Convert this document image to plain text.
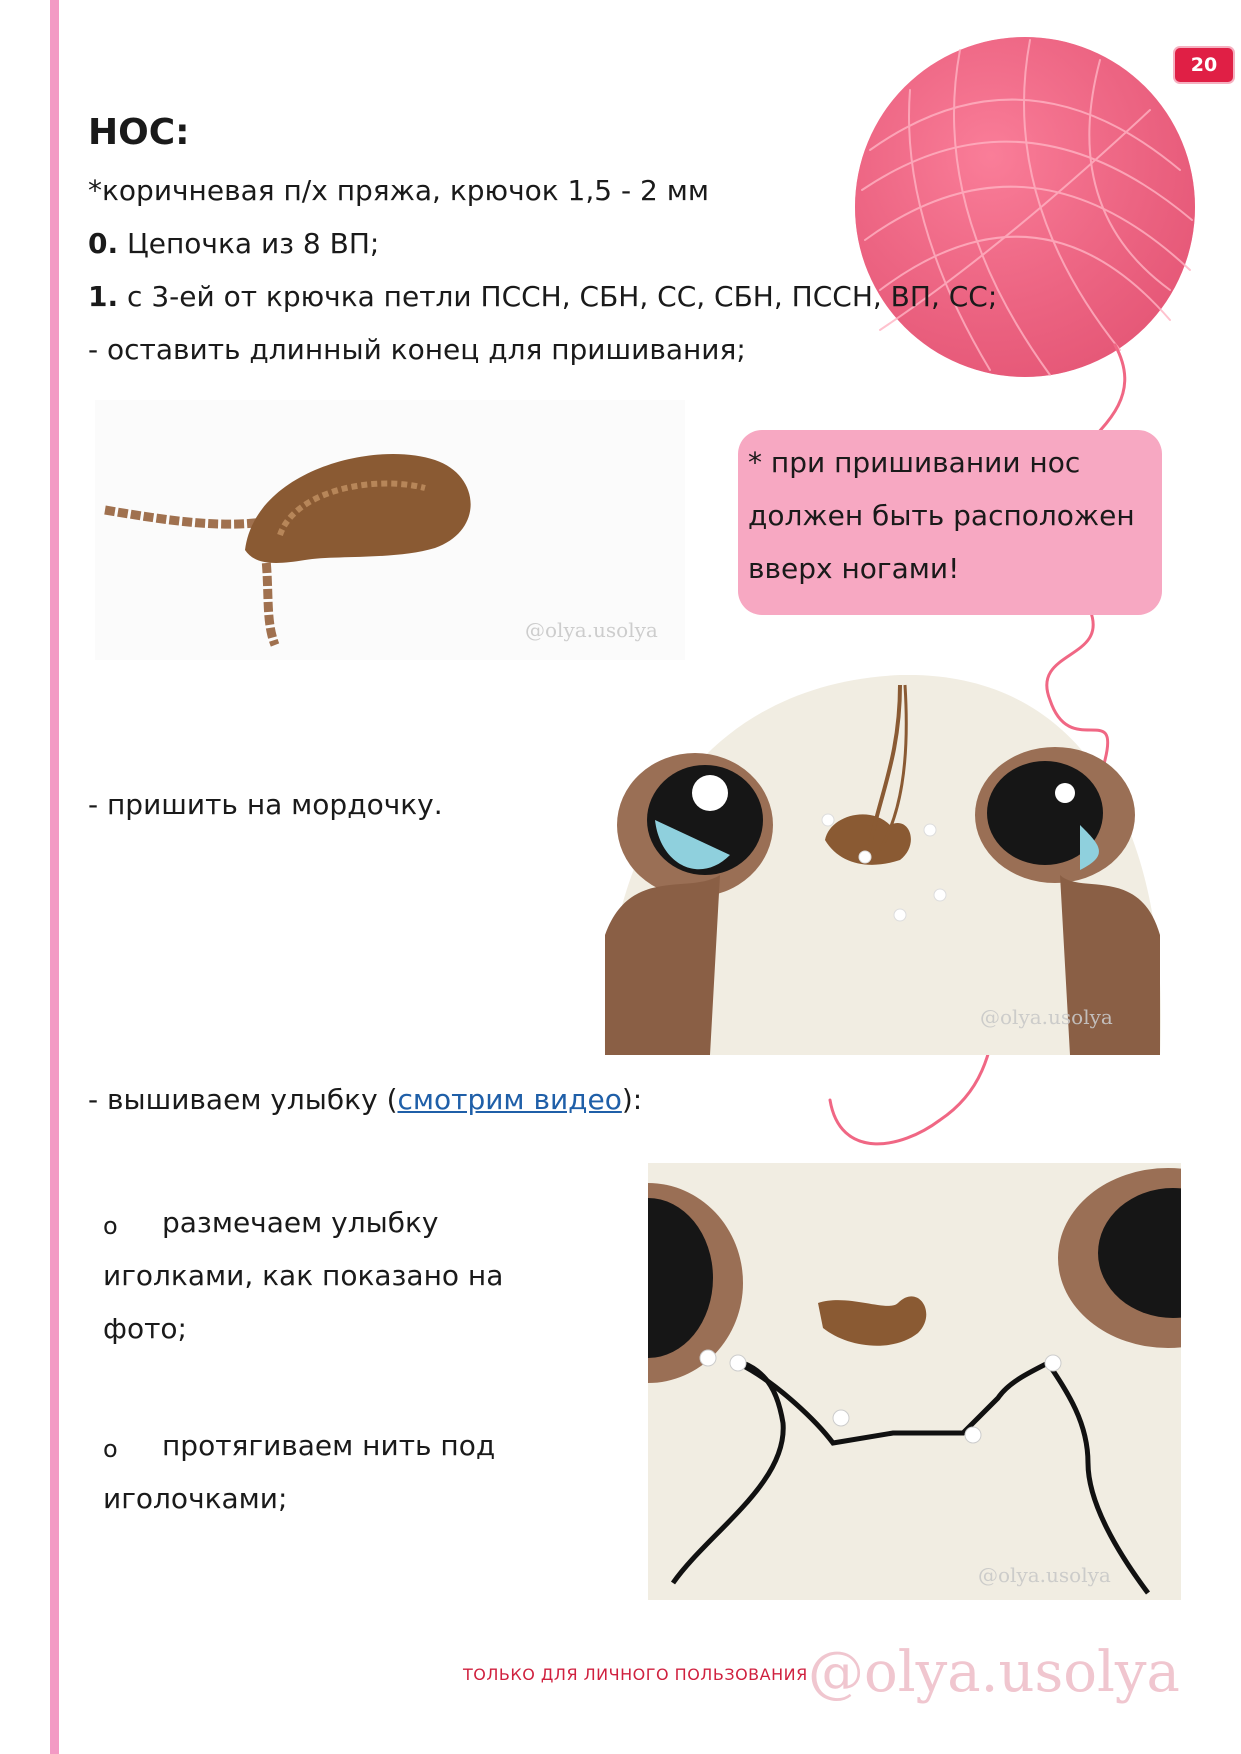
20
НОС:
*коричневая п/х пряжа, крючок 1,5 - 2 мм
0. Цепочка из 8 ВП;
1. с 3-ей от крючка петли ПССН, СБН, СС, СБН, ПССН, ВП, СС;
- оставить длинный конец для пришивания;
@olya.usolya
* при пришивании нос
должен быть расположен
вверх ногами!
- пришить на мордочку.
@olya.usolya
- вышиваем улыбку (смотрим видео):
o размечаем улыбку
иголками, как показано на
фото;
o протягиваем нить под
иголочками;
@olya.usolya
ТОЛЬКО ДЛЯ ЛИЧНОГО ПОЛЬЗОВАНИЯ @olya.usolya
